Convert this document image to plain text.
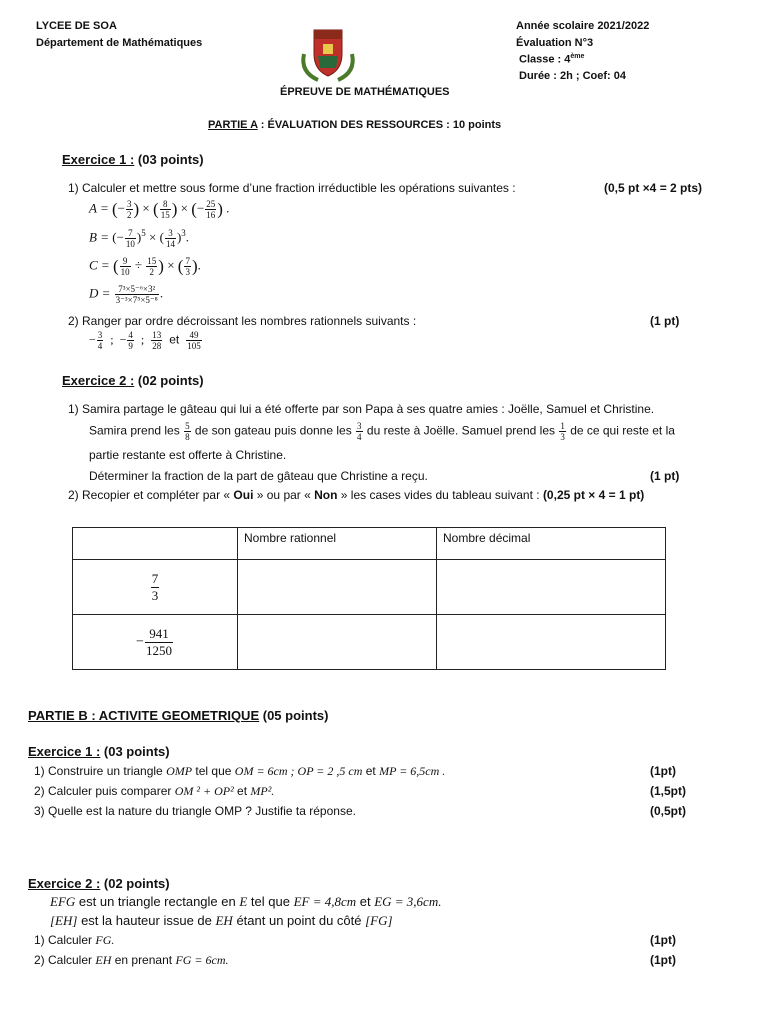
LYCEE DE SOA
Département de Mathématiques
Année scolaire 2021/2022
Évaluation N°3
Classe : 4ème
Durée : 2h ; Coef: 04
ÉPREUVE DE MATHÉMATIQUES
PARTIE A : ÉVALUATION DES RESSOURCES : 10 points
Exercice 1 : (03 points)
1) Calculer et mettre sous forme d’une fraction irréductible les opérations suivantes :	(0,5 pt ×4 = 2 pts)
A = (− $\frac{3}{2}$ ) × ( $\frac{8}{15}$ ) × (− $\frac{25}{16}$ ) .
B = (− $\frac{7}{10} )^5$ × ( $\frac{3}{14} )^3$.
C = ( $\frac{9}{10} \div \frac{15}{2}$ ) × ( $\frac{7}{3}$ ).
$D = \frac{\text{7³×5⁻⁶×3²}}{\text{3⁻³×7⁵×5⁻⁸}}$ .
2) Ranger par ordre décroissant les nombres rationnels suivants :	(1 pt)
− $\frac{3}{4}$ ; − $\frac{4}{9}$ ; $\frac{13}{28}$ et $\frac{49}{105}$
Exercice 2 : (02 points)
1) Samira partage le gâteau qui lui a été offerte par son Papa à ses quatre amies : Joëlle, Samuel et Christine.
Samira prend les $\frac{5}{8}$ de son gateau puis donne les $\frac{3}{4}$ du reste à Joëlle. Samuel prend les $\frac{1}{3}$ de ce qui reste et la
partie restante est offerte à Christine.
Déterminer la fraction de la part de gâteau que Christine a reçu.	(1 pt)
2) Recopier et compléter par « Oui » ou par « Non » les cases vides du tableau suivant : (0,25 pt × 4 = 1 pt)
	Nombre rationnel	Nombre décimal

$\frac{7}{3}$

− $\frac{941}{1250}$

PARTIE B : ACTIVITE GEOMETRIQUE (05 points)
Exercice 1 : (03 points)
1) Construire un triangle OMP tel que OM = 6cm ; OP = 2 ,5 cm et MP = 6,5cm .	(1pt)
2) Calculer puis comparer OM ² + OP² et MP².	(1,5pt)
3) Quelle est la nature du triangle OMP ? Justifie ta réponse.	(0,5pt)
Exercice 2 : (02 points)
EFG est un triangle rectangle en E tel que EF = 4,8cm et EG = 3,6cm.
[EH] est la hauteur issue de EH étant un point du côté [FG]
1) Calculer FG.	(1pt)
2) Calculer EH en prenant FG = 6cm.	(1pt)
